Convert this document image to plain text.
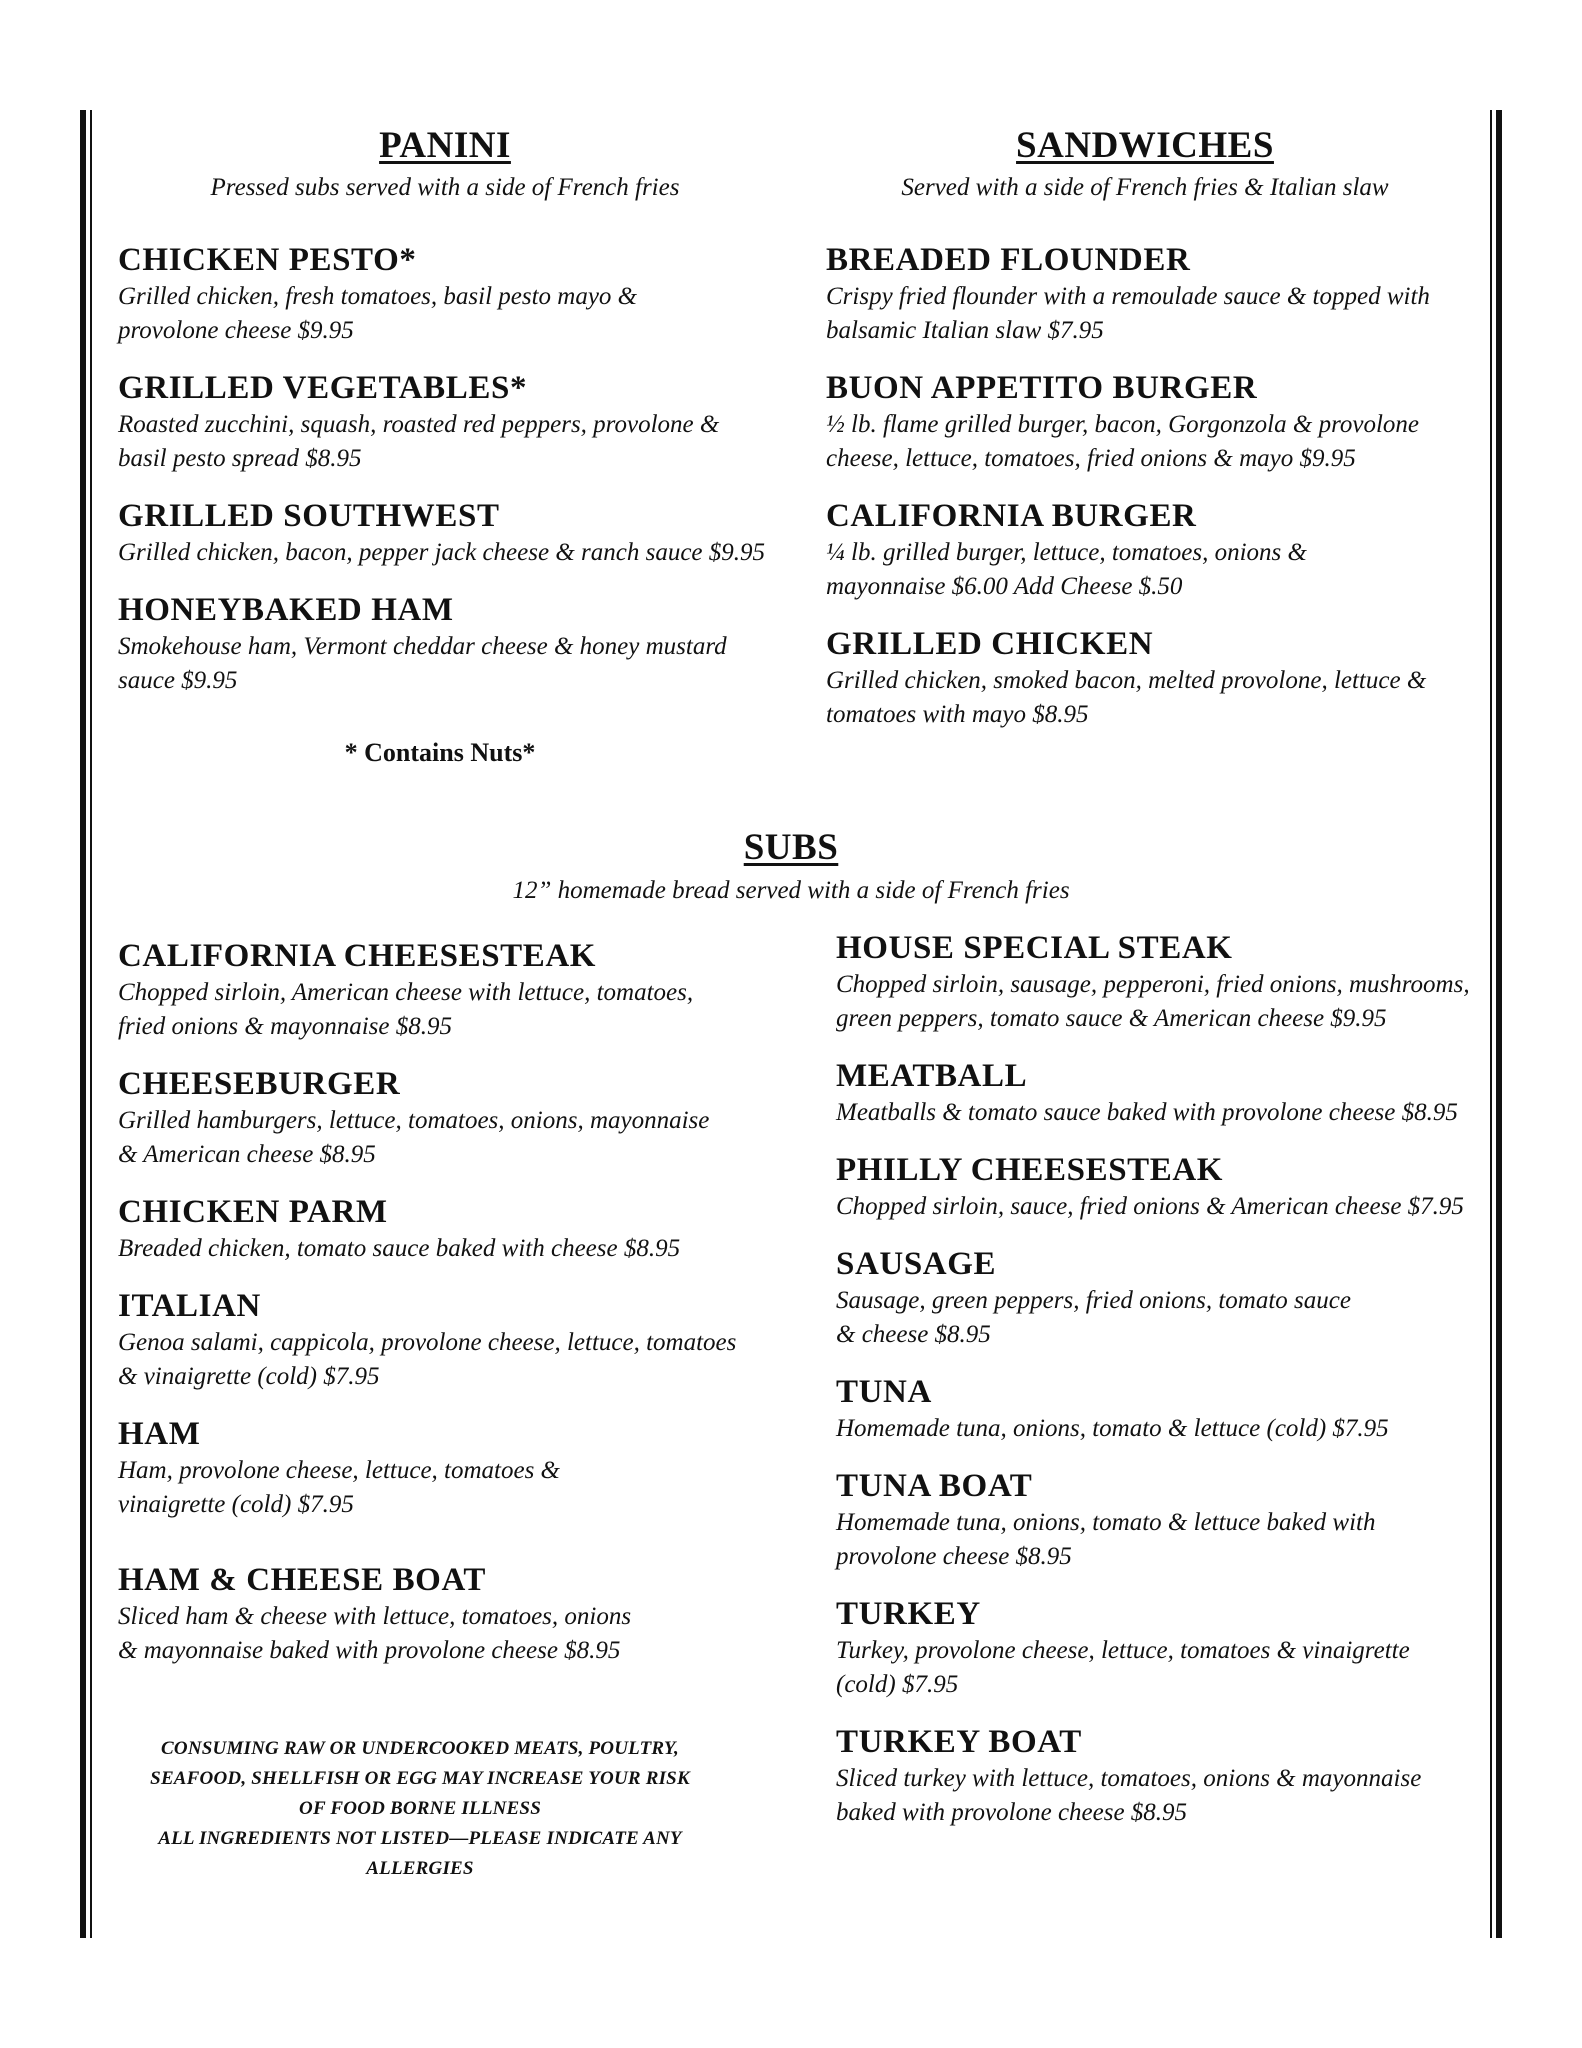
PANINI
Pressed subs served with a side of French fries
CHICKEN PESTO*
Grilled chicken, fresh tomatoes, basil pesto mayo &
provolone cheese $9.95
GRILLED VEGETABLES*
Roasted zucchini, squash, roasted red peppers, provolone &
basil pesto spread $8.95
GRILLED SOUTHWEST
Grilled chicken, bacon, pepper jack cheese & ranch sauce $9.95
HONEYBAKED HAM
Smokehouse ham, Vermont cheddar cheese & honey mustard
sauce $9.95
* Contains Nuts*
SANDWICHES
Served with a side of French fries & Italian slaw
BREADED FLOUNDER
Crispy fried flounder with a remoulade sauce & topped with
balsamic Italian slaw $7.95
BUON APPETITO BURGER
½ lb. flame grilled burger, bacon, Gorgonzola & provolone
cheese, lettuce, tomatoes, fried onions & mayo $9.95
CALIFORNIA BURGER
¼ lb. grilled burger, lettuce, tomatoes, onions &
mayonnaise $6.00 Add Cheese $.50
GRILLED CHICKEN
Grilled chicken, smoked bacon, melted provolone, lettuce &
tomatoes with mayo $8.95
SUBS
12” homemade bread served with a side of French fries
CALIFORNIA CHEESESTEAK
Chopped sirloin, American cheese with lettuce, tomatoes,
fried onions & mayonnaise $8.95
CHEESEBURGER
Grilled hamburgers, lettuce, tomatoes, onions, mayonnaise
& American cheese $8.95
CHICKEN PARM
Breaded chicken, tomato sauce baked with cheese $8.95
ITALIAN
Genoa salami, cappicola, provolone cheese, lettuce, tomatoes
& vinaigrette (cold) $7.95
HAM
Ham, provolone cheese, lettuce, tomatoes &
vinaigrette (cold) $7.95
HAM & CHEESE BOAT
Sliced ham & cheese with lettuce, tomatoes, onions
& mayonnaise baked with provolone cheese $8.95
HOUSE SPECIAL STEAK
Chopped sirloin, sausage, pepperoni, fried onions, mushrooms,
green peppers, tomato sauce & American cheese $9.95
MEATBALL
Meatballs & tomato sauce baked with provolone cheese $8.95
PHILLY CHEESESTEAK
Chopped sirloin, sauce, fried onions & American cheese $7.95
SAUSAGE
Sausage, green peppers, fried onions, tomato sauce
& cheese $8.95
TUNA
Homemade tuna, onions, tomato & lettuce (cold) $7.95
TUNA BOAT
Homemade tuna, onions, tomato & lettuce baked with
provolone cheese $8.95
TURKEY
Turkey, provolone cheese, lettuce, tomatoes & vinaigrette
(cold) $7.95
TURKEY BOAT
Sliced turkey with lettuce, tomatoes, onions & mayonnaise
baked with provolone cheese $8.95
CONSUMING RAW OR UNDERCOOKED MEATS, POULTRY,
SEAFOOD, SHELLFISH OR EGG MAY INCREASE YOUR RISK
OF FOOD BORNE ILLNESS
ALL INGREDIENTS NOT LISTED—PLEASE INDICATE ANY
ALLERGIES
